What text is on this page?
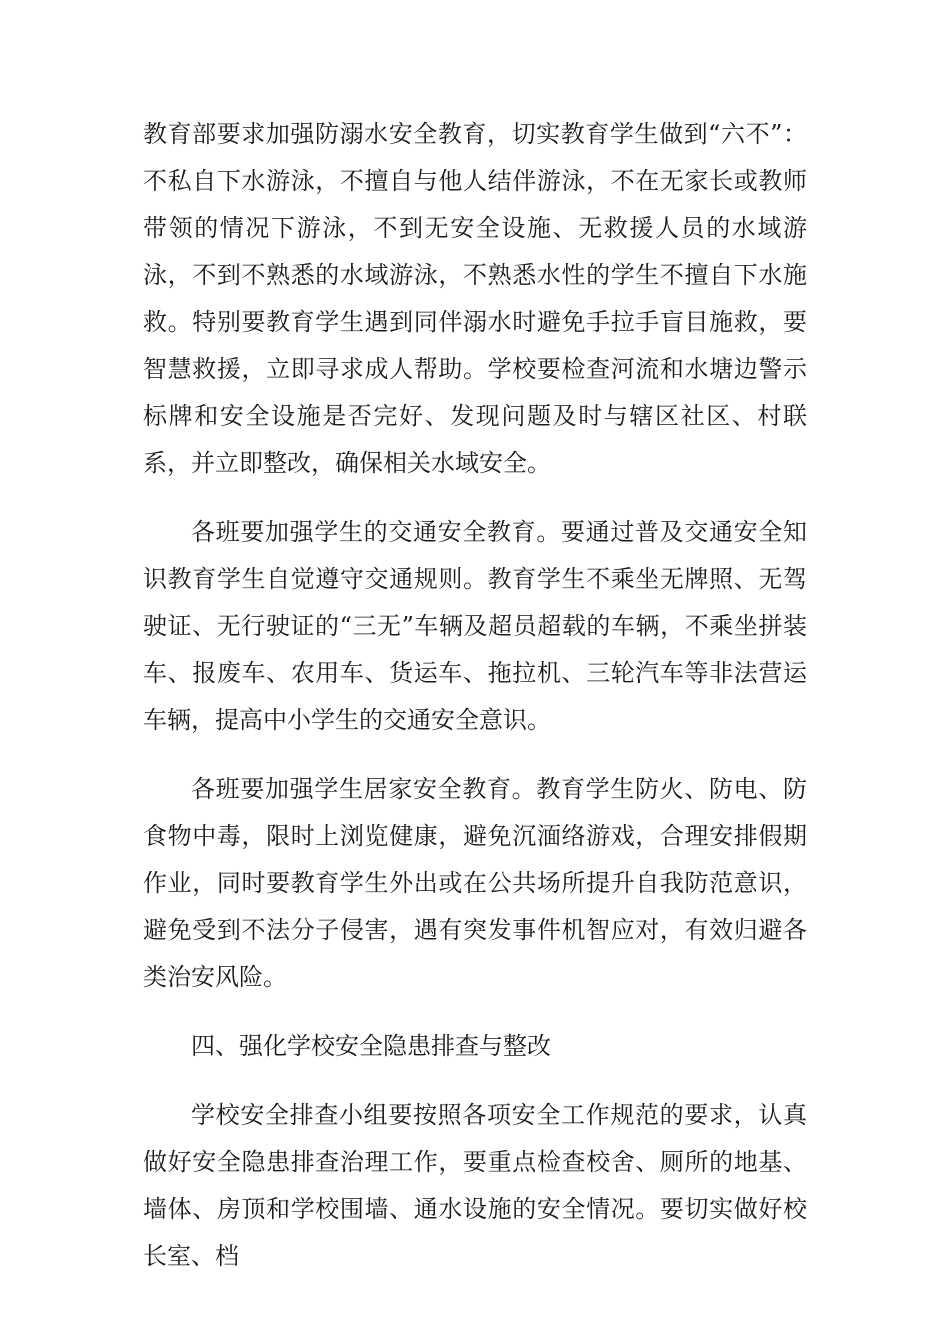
教育部要求加强防溺水安全教育，切实教育学生做到“六不”：不私自下水游泳，不擅自与他人结伴游泳，不在无家长或教师带领的情况下游泳，不到无安全设施、无救援人员的水域游泳，不到不熟悉的水域游泳，不熟悉水性的学生不擅自下水施救。特别要教育学生遇到同伴溺水时避免手拉手盲目施救，要智慧救援，立即寻求成人帮助。学校要检查河流和水塘边警示标牌和安全设施是否完好、发现问题及时与辖区社区、村联系，并立即整改，确保相关水域安全。

各班要加强学生的交通安全教育。要通过普及交通安全知识教育学生自觉遵守交通规则。教育学生不乘坐无牌照、无驾驶证、无行驶证的“三无”车辆及超员超载的车辆，不乘坐拼装车、报废车、农用车、货运车、拖拉机、三轮汽车等非法营运车辆，提高中小学生的交通安全意识。

各班要加强学生居家安全教育。教育学生防火、防电、防食物中毒，限时上浏览健康，避免沉湎络游戏，合理安排假期作业，同时要教育学生外出或在公共场所提升自我防范意识，避免受到不法分子侵害，遇有突发事件机智应对，有效归避各类治安风险。

四、强化学校安全隐患排查与整改

学校安全排查小组要按照各项安全工作规范的要求，认真做好安全隐患排查治理工作，要重点检查校舍、厕所的地基、墙体、房顶和学校围墙、通水设施的安全情况。要切实做好校长室、档
